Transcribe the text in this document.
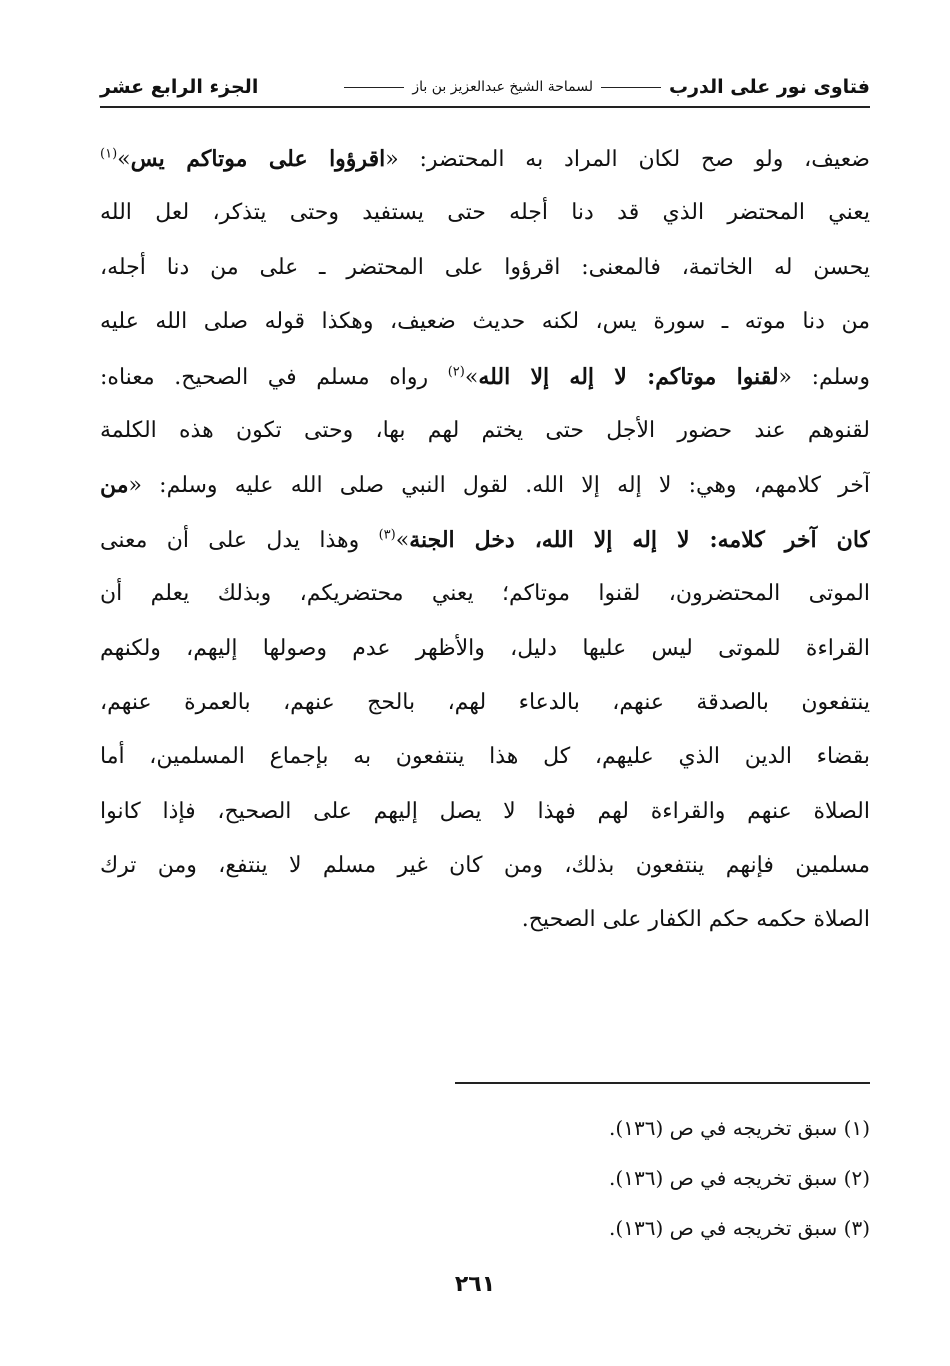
فتاوى نور على الدرب
لسماحة الشيخ عبدالعزيز بن باز
الجزء الرابع عشر
ضعيف، ولو صح لكان المراد به المحتضر: «اقرؤوا على موتاكم يس»$^{(١)}$
يعني المحتضر الذي قد دنا أجله حتى يستفيد وحتى يتذكر، لعل الله
يحسن له الخاتمة، فالمعنى: اقرؤوا على المحتضر ـ على من دنا أجله،
من دنا موته ـ سورة يس، لكنه حديث ضعيف، وهكذا قوله صلى الله عليه
وسلم: «لقنوا موتاكم: لا إله إلا الله»$^{(٢)}$ رواه مسلم في الصحيح. معناه:
لقنوهم عند حضور الأجل حتى يختم لهم بها، وحتى تكون هذه الكلمة
آخر كلامهم، وهي: لا إله إلا الله. لقول النبي صلى الله عليه وسلم: «من
كان آخر كلامه: لا إله إلا الله، دخل الجنة»$^{(٣)}$ وهذا يدل على أن معنى
الموتى المحتضرون، لقنوا موتاكم؛ يعني محتضريكم، وبذلك يعلم أن
القراءة للموتى ليس عليها دليل، والأظهر عدم وصولها إليهم، ولكنهم
ينتفعون بالصدقة عنهم، بالدعاء لهم، بالحج عنهم، بالعمرة عنهم،
بقضاء الدين الذي عليهم، كل هذا ينتفعون به بإجماع المسلمين، أما
الصلاة عنهم والقراءة لهم فهذا لا يصل إليهم على الصحيح، فإذا كانوا
مسلمين فإنهم ينتفعون بذلك، ومن كان غير مسلم لا ينتفع، ومن ترك
الصلاة حكمه حكم الكفار على الصحيح.
(١) سبق تخريجه في ص (١٣٦).
(٢) سبق تخريجه في ص (١٣٦).
(٣) سبق تخريجه في ص (١٣٦).
٢٦١
